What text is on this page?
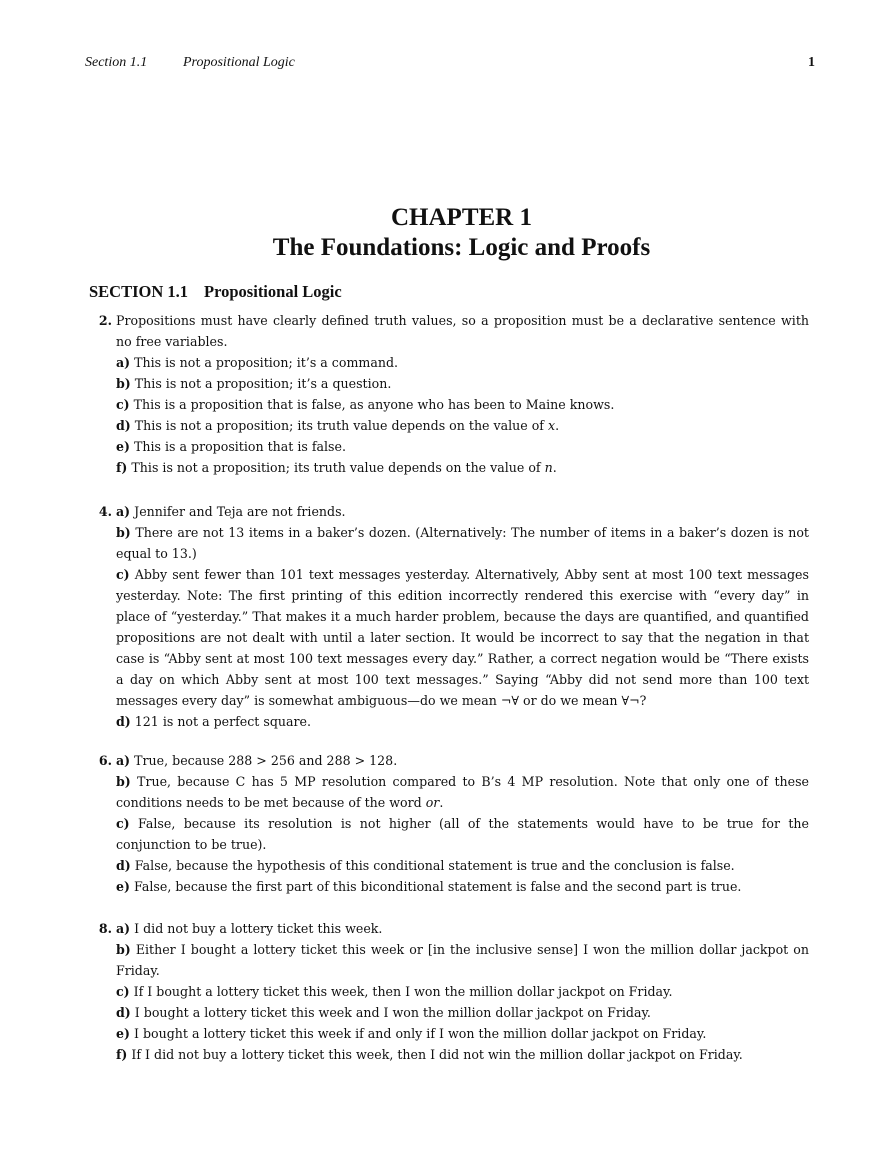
Section 1.1	Propositional Logic	1
CHAPTER 1
The Foundations: Logic and Proofs
SECTION 1.1 Propositional Logic
2. Propositions must have clearly defined truth values, so a proposition must be a declarative sentence with no free variables.

a) This is not a proposition; it’s a command.

b) This is not a proposition; it’s a question.

c) This is a proposition that is false, as anyone who has been to Maine knows.

d) This is not a proposition; its truth value depends on the value of x.

e) This is a proposition that is false.

f) This is not a proposition; its truth value depends on the value of n.

4. a) Jennifer and Teja are not friends.

b) There are not 13 items in a baker’s dozen. (Alternatively: The number of items in a baker’s dozen is not equal to 13.)

c) Abby sent fewer than 101 text messages yesterday. Alternatively, Abby sent at most 100 text messages yesterday. Note: The first printing of this edition incorrectly rendered this exercise with “every day” in place of “yesterday.” That makes it a much harder problem, because the days are quantified, and quantified propositions are not dealt with until a later section. It would be incorrect to say that the negation in that case is “Abby sent at most 100 text messages every day.” Rather, a correct negation would be “There exists a day on which Abby sent at most 100 text messages.” Saying “Abby did not send more than 100 text messages every day” is somewhat ambiguous—do we mean ¬∀ or do we mean ∀¬?

d) 121 is not a perfect square.

6. a) True, because 288 > 256 and 288 > 128.

b) True, because C has 5 MP resolution compared to B’s 4 MP resolution. Note that only one of these conditions needs to be met because of the word or.

c) False, because its resolution is not higher (all of the statements would have to be true for the conjunction to be true).

d) False, because the hypothesis of this conditional statement is true and the conclusion is false.

e) False, because the first part of this biconditional statement is false and the second part is true.

8. a) I did not buy a lottery ticket this week.

b) Either I bought a lottery ticket this week or [in the inclusive sense] I won the million dollar jackpot on Friday.

c) If I bought a lottery ticket this week, then I won the million dollar jackpot on Friday.

d) I bought a lottery ticket this week and I won the million dollar jackpot on Friday.

e) I bought a lottery ticket this week if and only if I won the million dollar jackpot on Friday.

f) If I did not buy a lottery ticket this week, then I did not win the million dollar jackpot on Friday.
